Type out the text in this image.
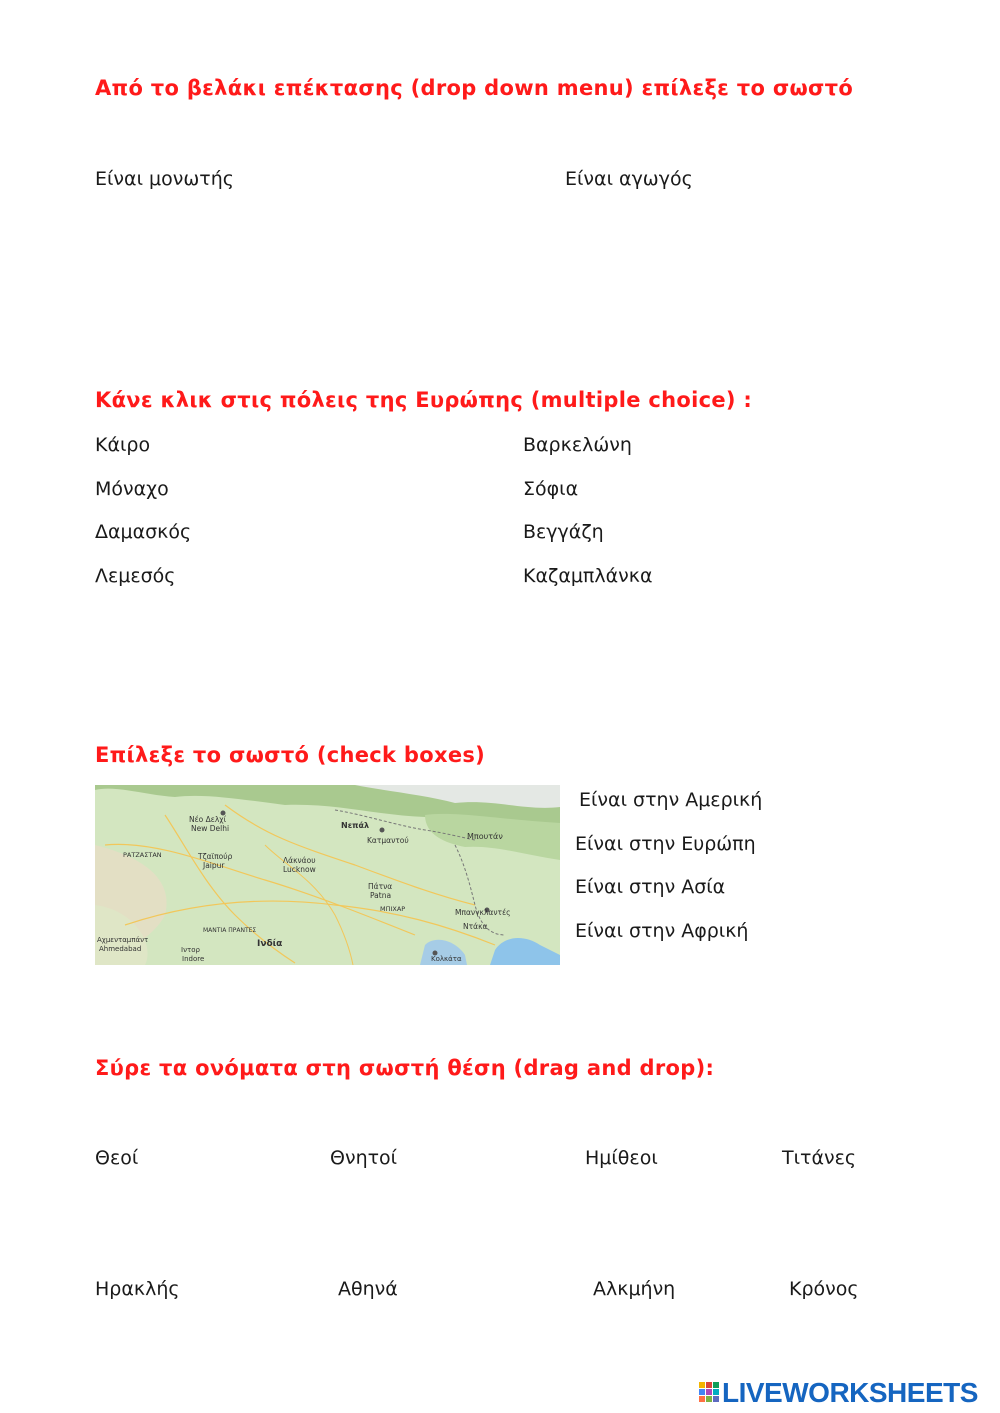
Από το βελάκι επέκτασης (drop down menu) επίλεξε το σωστό
Είναι μονωτής	Είναι αγωγός
Κάνε κλικ στις πόλεις της Ευρώπης (multiple choice) :
Κάιρο
Μόναχο
Δαμασκός
Λεμεσός
Βαρκελώνη
Σόφια
Βεγγάζη
Καζαμπλάνκα
Επίλεξε το σωστό (check boxes)
Νέο Δελχί
New Delhi
ΡΑΤΖΑΣΤΑΝ	Τζαϊπούρ
Jaipur
Λάκνάου
Lucknow
Νεπάλ
Κατμαντού	Μπουτάν
Πάτνα
Patna
ΜΠΙΧΑΡ	Μπανγκλαντές
Ντάκα
Κολκάτα
Ινδία
ΜΑΝΤΙΑ ΠΡΑΝΤΕΣ
Αχμενταμπάντ
Ahmedabad	Ιντορ
Indore
Είναι στην Αμερική
Είναι στην Ευρώπη
Είναι στην Ασία
Είναι στην Αφρική
Σύρε τα ονόματα στη σωστή θέση (drag and drop):
Θεοί	Θνητοί	Ημίθεοι	Τιτάνες
Ηρακλής	Αθηνά	Αλκμήνη	Κρόνος
LIVEWORKSHEETS
